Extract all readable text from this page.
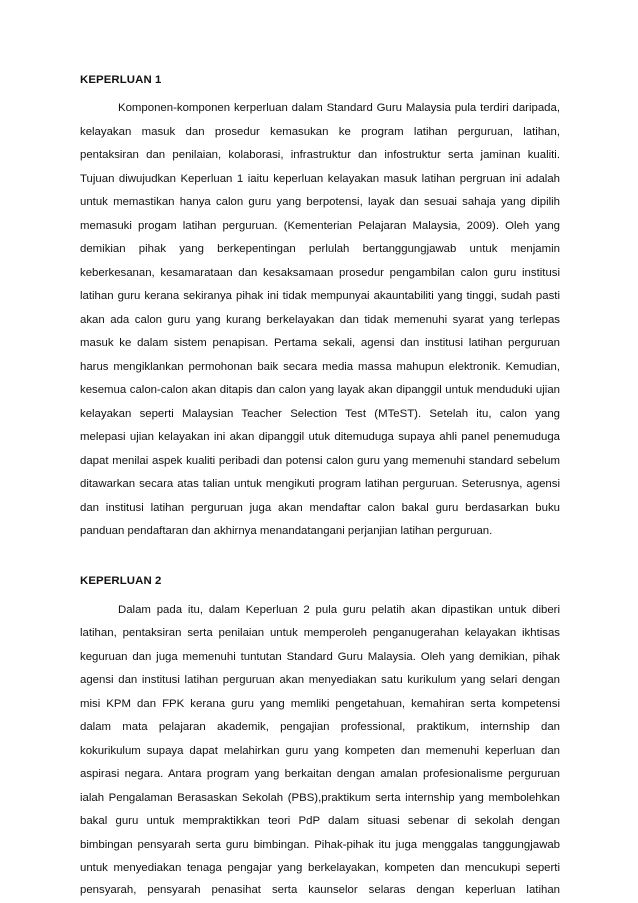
KEPERLUAN 1
Komponen-komponen kerperluan dalam Standard Guru Malaysia pula terdiri daripada,
kelayakan masuk dan prosedur kemasukan ke program latihan perguruan, latihan,
pentaksiran dan penilaian, kolaborasi, infrastruktur dan infostruktur serta jaminan kualiti.
Tujuan diwujudkan Keperluan 1 iaitu keperluan kelayakan masuk latihan pergruan ini adalah
untuk memastikan hanya calon guru yang berpotensi, layak dan sesuai sahaja yang dipilih
memasuki progam latihan perguruan. (Kementerian Pelajaran Malaysia, 2009). Oleh yang
demikian pihak yang berkepentingan perlulah bertanggungjawab untuk menjamin
keberkesanan, kesamarataan dan kesaksamaan prosedur pengambilan calon guru institusi
latihan guru kerana sekiranya pihak ini tidak mempunyai akauntabiliti yang tinggi, sudah pasti
akan ada calon guru yang kurang berkelayakan dan tidak memenuhi syarat yang terlepas
masuk ke dalam sistem penapisan. Pertama sekali, agensi dan institusi latihan perguruan
harus mengiklankan permohonan baik secara media massa mahupun elektronik. Kemudian,
kesemua calon-calon akan ditapis dan calon yang layak akan dipanggil untuk menduduki ujian
kelayakan seperti Malaysian Teacher Selection Test (MTeST). Setelah itu, calon yang
melepasi ujian kelayakan ini akan dipanggil utuk ditemuduga supaya ahli panel penemuduga
dapat menilai aspek kualiti peribadi dan potensi calon guru yang memenuhi standard sebelum
ditawarkan secara atas talian untuk mengikuti program latihan perguruan. Seterusnya, agensi
dan institusi latihan perguruan juga akan mendaftar calon bakal guru berdasarkan buku
panduan pendaftaran dan akhirnya menandatangani perjanjian latihan perguruan.
KEPERLUAN 2
Dalam pada itu, dalam Keperluan 2 pula guru pelatih akan dipastikan untuk diberi
latihan, pentaksiran serta penilaian untuk memperoleh penganugerahan kelayakan ikhtisas
keguruan dan juga memenuhi tuntutan Standard Guru Malaysia. Oleh yang demikian, pihak
agensi dan institusi latihan perguruan akan menyediakan satu kurikulum yang selari dengan
misi KPM dan FPK kerana guru yang memliki pengetahuan, kemahiran serta kompetensi
dalam mata pelajaran akademik, pengajian professional, praktikum, internship dan
kokurikulum supaya dapat melahirkan guru yang kompeten dan memenuhi keperluan dan
aspirasi negara. Antara program yang berkaitan dengan amalan profesionalisme perguruan
ialah Pengalaman Berasaskan Sekolah (PBS),praktikum serta internship yang membolehkan
bakal guru untuk mempraktikkan teori PdP dalam situasi sebenar di sekolah dengan
bimbingan pensyarah serta guru bimbingan. Pihak-pihak itu juga menggalas tanggungjawab
untuk menyediakan tenaga pengajar yang berkelayakan, kompeten dan mencukupi seperti
pensyarah, pensyarah penasihat serta kaunselor selaras dengan keperluan latihan
